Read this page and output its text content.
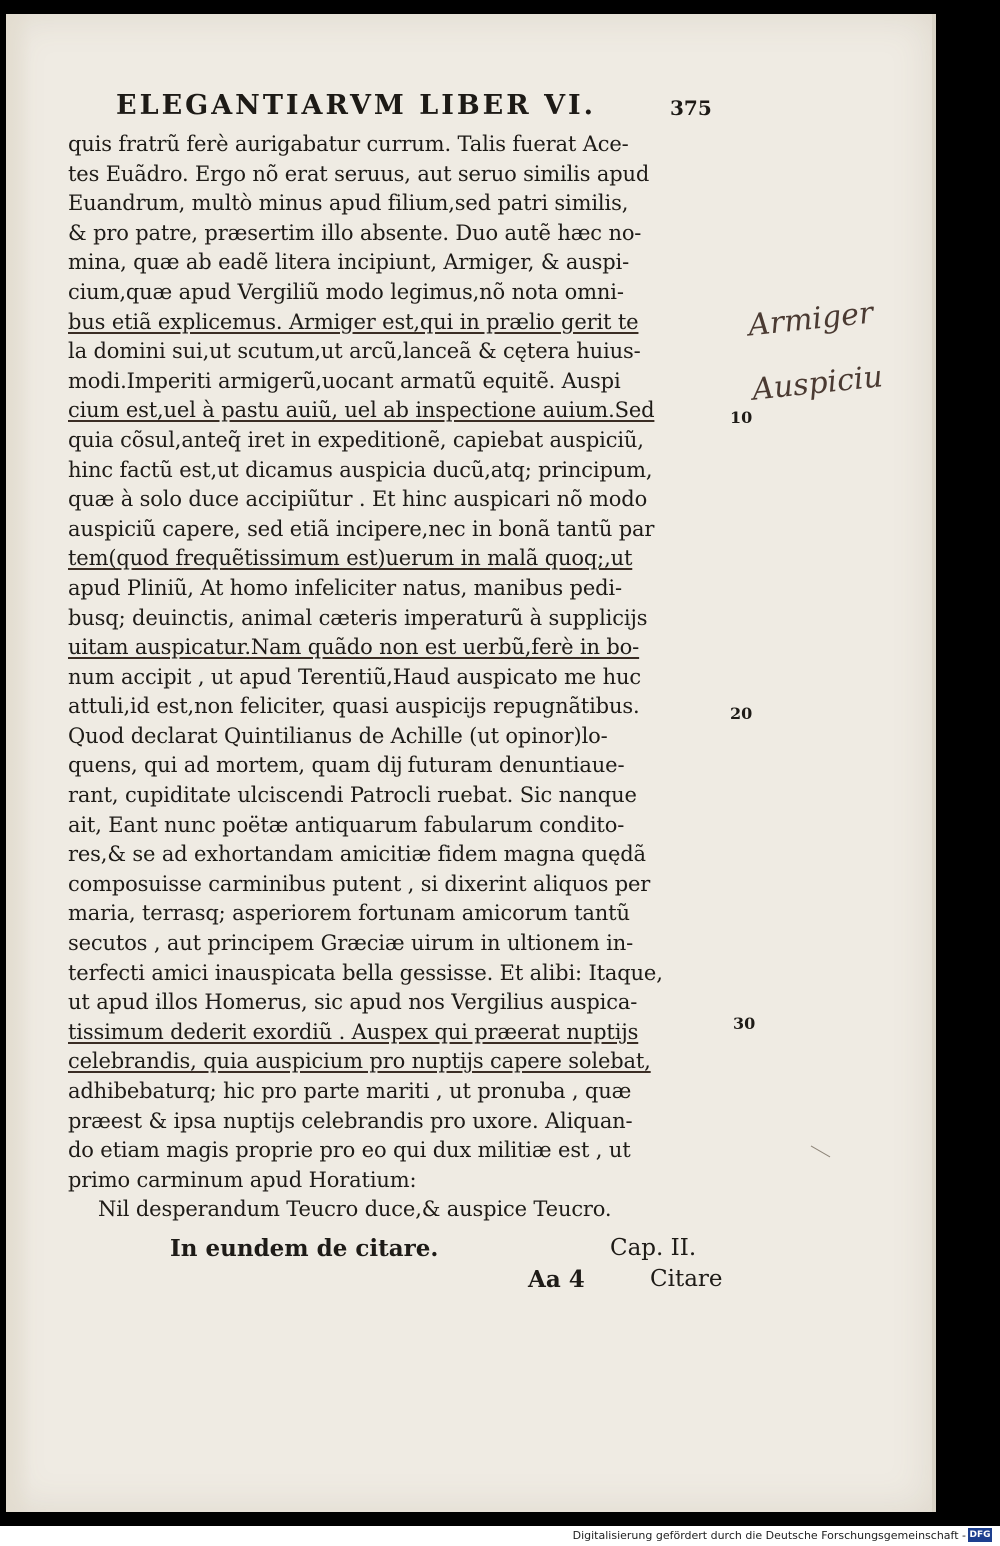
ELEGANTIARVM LIBER VI.	375
quis fratrũ ferè aurigabatur currum. Talis fuerat Ace-
tes Euãdro. Ergo nõ erat seruus, aut seruo similis apud
Euandrum, multò minus apud filium,sed patri similis,
& pro patre, præsertim illo absente. Duo autẽ hæc no-
mina, quæ ab eadẽ litera incipiunt, Armiger, & auspi-
cium,quæ apud Vergiliũ modo legimus,nõ nota omni-
bus etiã explicemus. Armiger est,qui in prælio gerit te
la domini sui,ut scutum,ut arcũ,lanceã & cętera huius-
modi.Imperiti armigerũ,uocant armatũ equitẽ. Auspi
cium est,uel à pastu auiũ, uel ab inspectione auium.Sed
quia cõsul,anteq̃ iret in expeditionẽ, capiebat auspiciũ,
hinc factũ est,ut dicamus auspicia ducũ,atq; principum,
quæ à solo duce accipiũtur . Et hinc auspicari nõ modo
auspiciũ capere, sed etiã incipere,nec in bonã tantũ par
tem(quod frequẽtissimum est)uerum in malã quoq;,ut
apud Pliniũ, At homo infeliciter natus, manibus pedi-
busq; deuinctis, animal cæteris imperaturũ à supplicijs
uitam auspicatur.Nam quãdo non est uerbũ,ferè in bo-
num accipit , ut apud Terentiũ,Haud auspicato me huc
attuli,id est,non feliciter, quasi auspicijs repugnãtibus.
Quod declarat Quintilianus de Achille (ut opinor)lo-
quens, qui ad mortem, quam dĳ futuram denuntiaue-
rant, cupiditate ulciscendi Patrocli ruebat. Sic nanque
ait, Eant nunc poëtæ antiquarum fabularum condito-
res,& se ad exhortandam amicitiæ fidem magna quędã
composuisse carminibus putent , si dixerint aliquos per
maria, terrasq; asperiorem fortunam amicorum tantũ
secutos , aut principem Græciæ uirum in ultionem in-
terfecti amici inauspicata bella gessisse. Et alibi: Itaque,
ut apud illos Homerus, sic apud nos Vergilius auspica-
tissimum dederit exordiũ . Auspex qui præerat nuptijs
celebrandis, quia auspicium pro nuptijs capere solebat,
adhibebaturq; hic pro parte mariti , ut pronuba , quæ
præest & ipsa nuptijs celebrandis pro uxore. Aliquan-
do etiam magis proprie pro eo qui dux militiæ est , ut
primo carminum apud Horatium:
Nil desperandum Teucro duce,& auspice Teucro.
10
20
30
Armiger
Auspiciu
In eundem de citare.	Cap. II.
Aa 4	Citare
Digitalisierung gefördert durch die Deutsche Forschungsgemeinschaft - DFG
